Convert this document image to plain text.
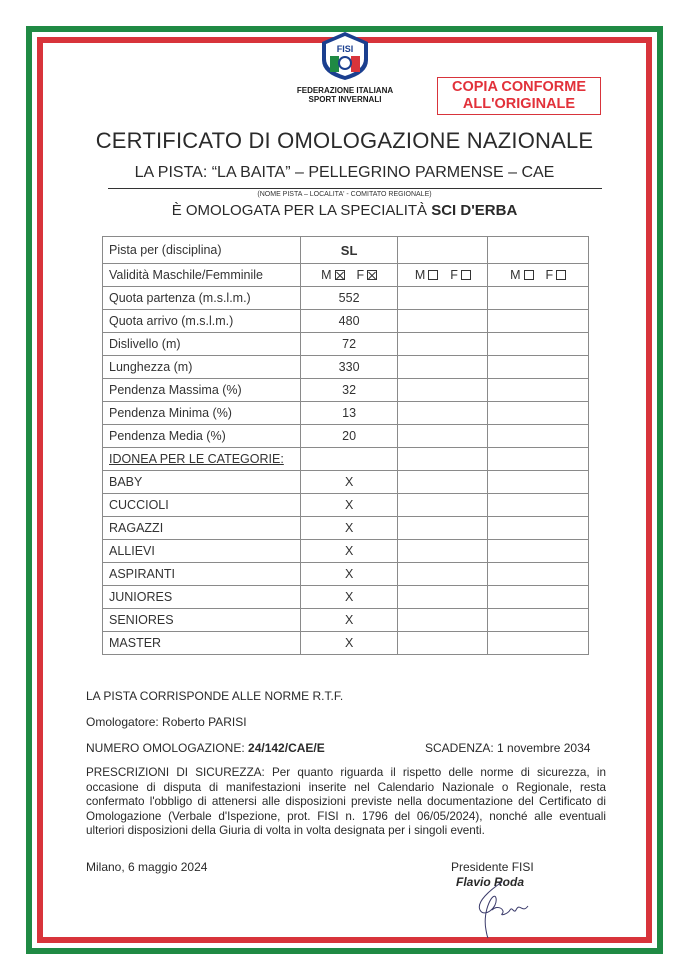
FISI
FEDERAZIONE ITALIANA
SPORT INVERNALI
COPIA CONFORME
ALL'ORIGINALE
CERTIFICATO DI OMOLOGAZIONE NAZIONALE
LA PISTA: “LA BAITA” – PELLEGRINO PARMENSE – CAE
(NOME PISTA – LOCALITA' - COMITATO REGIONALE)
È OMOLOGATA PER LA SPECIALITÀ SCI D'ERBA
Pista per (disciplina)	SL		
Validità Maschile/Femminile	M F	M F	M F
Quota partenza (m.s.l.m.)	552		
Quota arrivo (m.s.l.m.)	480		
Dislivello (m)	72		
Lunghezza (m)	330		
Pendenza Massima (%)	32		
Pendenza Minima (%)	13		
Pendenza Media (%)	20		
IDONEA PER LE CATEGORIE:			
BABY	X		
CUCCIOLI	X		
RAGAZZI	X		
ALLIEVI	X		
ASPIRANTI	X		
JUNIORES	X		
SENIORES	X		
MASTER	X		
LA PISTA CORRISPONDE ALLE NORME R.T.F.
Omologatore: Roberto PARISI
NUMERO OMOLOGAZIONE: 24/142/CAE/E	SCADENZA: 1 novembre 2034
PRESCRIZIONI DI SICUREZZA: Per quanto riguarda il rispetto delle norme di sicurezza, in occasione di disputa di manifestazioni inserite nel Calendario Nazionale o Regionale, resta confermato l'obbligo di attenersi alle disposizioni previste nella documentazione del Certificato di Omologazione (Verbale d'Ispezione, prot. FISI n. 1796 del 06/05/2024), nonché alle eventuali ulteriori disposizioni della Giuria di volta in volta designata per i singoli eventi.
Milano, 6 maggio 2024	Presidente FISI
Flavio Roda
